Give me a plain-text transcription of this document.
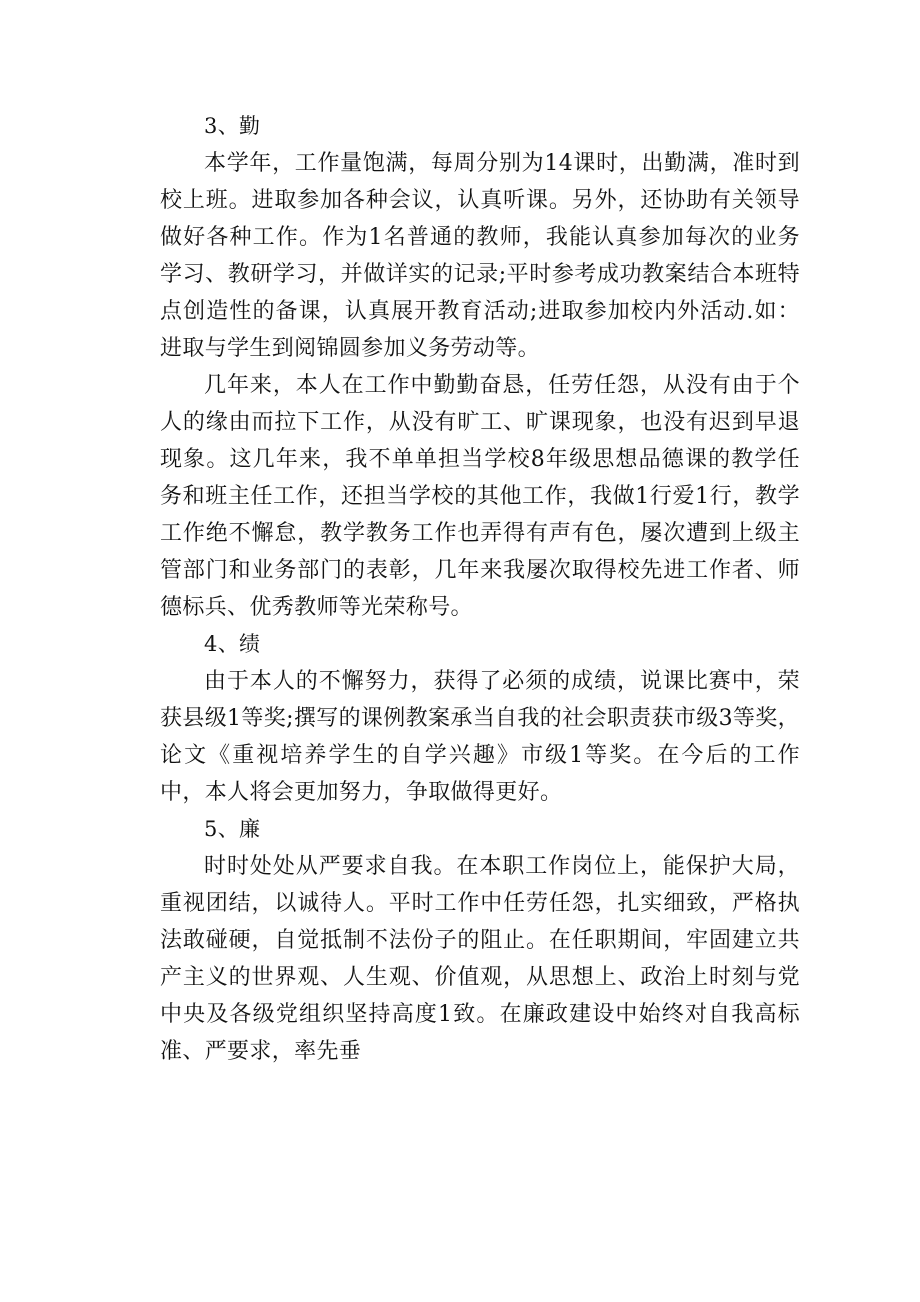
3、勤

本学年，工作量饱满，每周分别为14课时，出勤满，准时到校上班。进取参加各种会议，认真听课。另外，还协助有关领导做好各种工作。作为1名普通的教师，我能认真参加每次的业务学习、教研学习，并做详实的记录;平时参考成功教案结合本班特点创造性的备课，认真展开教育活动;进取参加校内外活动.如：进取与学生到阅锦圆参加义务劳动等。

几年来，本人在工作中勤勤奋恳，任劳任怨，从没有由于个人的缘由而拉下工作，从没有旷工、旷课现象，也没有迟到早退现象。这几年来，我不单单担当学校8年级思想品德课的教学任务和班主任工作，还担当学校的其他工作，我做1行爱1行，教学工作绝不懈怠，教学教务工作也弄得有声有色，屡次遭到上级主管部门和业务部门的表彰，几年来我屡次取得校先进工作者、师德标兵、优秀教师等光荣称号。

4、绩

由于本人的不懈努力，获得了必须的成绩，说课比赛中，荣获县级1等奖;撰写的课例教案承当自我的社会职责获市级3等奖，论文《重视培养学生的自学兴趣》市级1等奖。在今后的工作中，本人将会更加努力，争取做得更好。

5、廉

时时处处从严要求自我。在本职工作岗位上，能保护大局，重视团结，以诚待人。平时工作中任劳任怨，扎实细致，严格执法敢碰硬，自觉抵制不法份子的阻止。在任职期间，牢固建立共产主义的世界观、人生观、价值观，从思想上、政治上时刻与党中央及各级党组织坚持高度1致。在廉政建设中始终对自我高标准、严要求，率先垂
